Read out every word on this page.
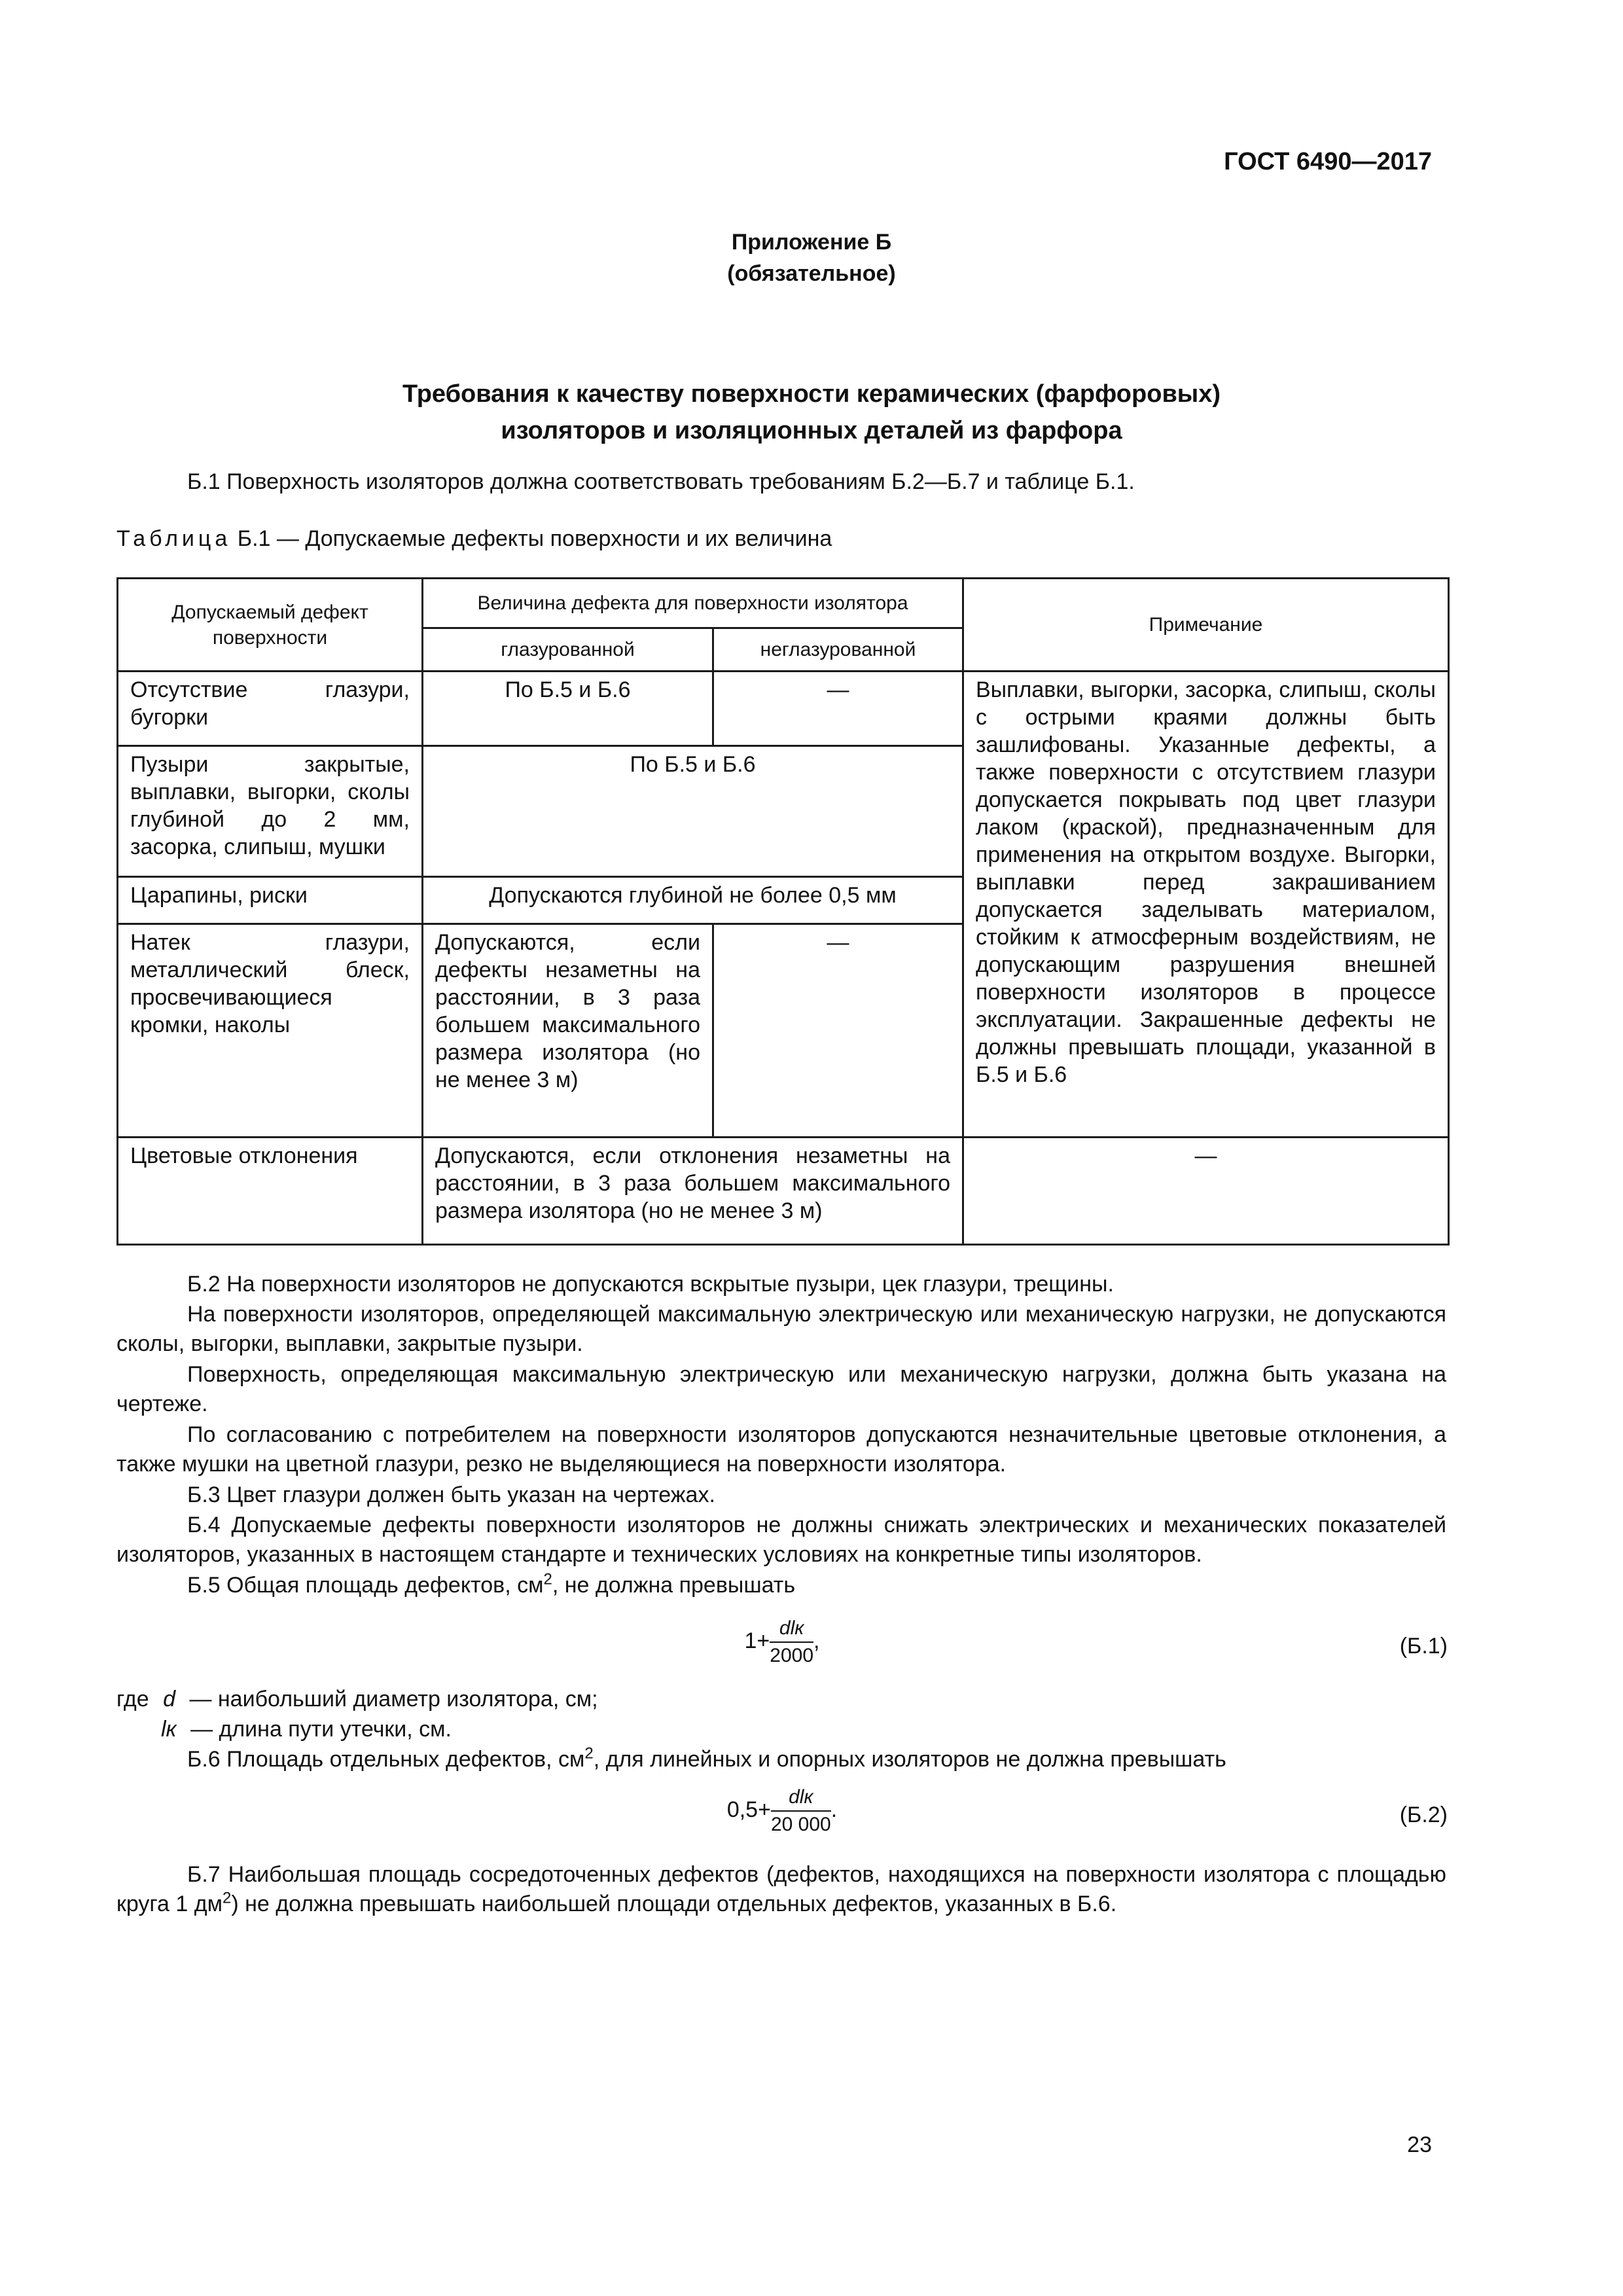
ГОСТ 6490—2017
Приложение Б
(обязательное)
Требования к качеству поверхности керамических (фарфоровых)
изоляторов и изоляционных деталей из фарфора
Б.1 Поверхность изоляторов должна соответствовать требованиям Б.2—Б.7 и таблице Б.1.
Таблица Б.1 — Допускаемые дефекты поверхности и их величина
Допускаемый дефект поверхности	Величина дефекта для поверхности изолятора		Примечание
	глазурованной	неглазурованной	
Отсутствие глазури, бугорки	По Б.5 и Б.6	—	Выплавки, выгорки, засорка, слипыш, сколы с острыми краями должны быть зашлифованы. Указанные дефекты, а также поверхности с отсутствием глазури допускается покрывать под цвет глазури лаком (краской), предназначенным для применения на открытом воздухе. Выгорки, выплавки перед закрашиванием допускается заделывать материалом, стойким к атмосферным воздействиям, не допускающим разрушения внешней поверхности изоляторов в процессе эксплуатации. Закрашенные дефекты не должны превышать площади, указанной в Б.5 и Б.6
Пузыри закрытые, выплавки, выгорки, сколы глубиной до 2 мм, засорка, слипыш, мушки	По Б.5 и Б.6		
Царапины, риски	Допускаются глубиной не более 0,5 мм		
Натек глазури, металлический блеск, просвечивающиеся кромки, наколы	Допускаются, если дефекты незаметны на расстоянии, в 3 раза большем максимального размера изолятора (но не менее 3 м)	—	
Цветовые отклонения	Допускаются, если отклонения незаметны на расстоянии, в 3 раза большем максимального размера изолятора (но не менее 3 м)		—
Б.2 На поверхности изоляторов не допускаются вскрытые пузыри, цек глазури, трещины.
На поверхности изоляторов, определяющей максимальную электрическую или механическую нагрузки, не допускаются сколы, выгорки, выплавки, закрытые пузыри.
Поверхность, определяющая максимальную электрическую или механическую нагрузки, должна быть указана на чертеже.
По согласованию с потребителем на поверхности изоляторов допускаются незначительные цветовые отклонения, а также мушки на цветной глазури, резко не выделяющиеся на поверхности изолятора.
Б.3 Цвет глазури должен быть указан на чертежах.
Б.4 Допускаемые дефекты поверхности изоляторов не должны снижать электрических и механических показателей изоляторов, указанных в настоящем стандарте и технических условиях на конкретные типы изоляторов.
Б.5 Общая площадь дефектов, $см^2$, не должна превышать
$1+ \frac{\text{dlк}}{2000}$ ,	(Б.1)
где d — наибольший диаметр изолятора, см;
lк — длина пути утечки, см.
Б.6 Площадь отдельных дефектов, $см^2$, для линейных и опорных изоляторов не должна превышать
$0,5+ \frac{\text{dlк}}{20 000}$ .	(Б.2)
Б.7 Наибольшая площадь сосредоточенных дефектов (дефектов, находящихся на поверхности изолятора с площадью круга 1 $дм^2$) не должна превышать наибольшей площади отдельных дефектов, указанных в Б.6.
23
